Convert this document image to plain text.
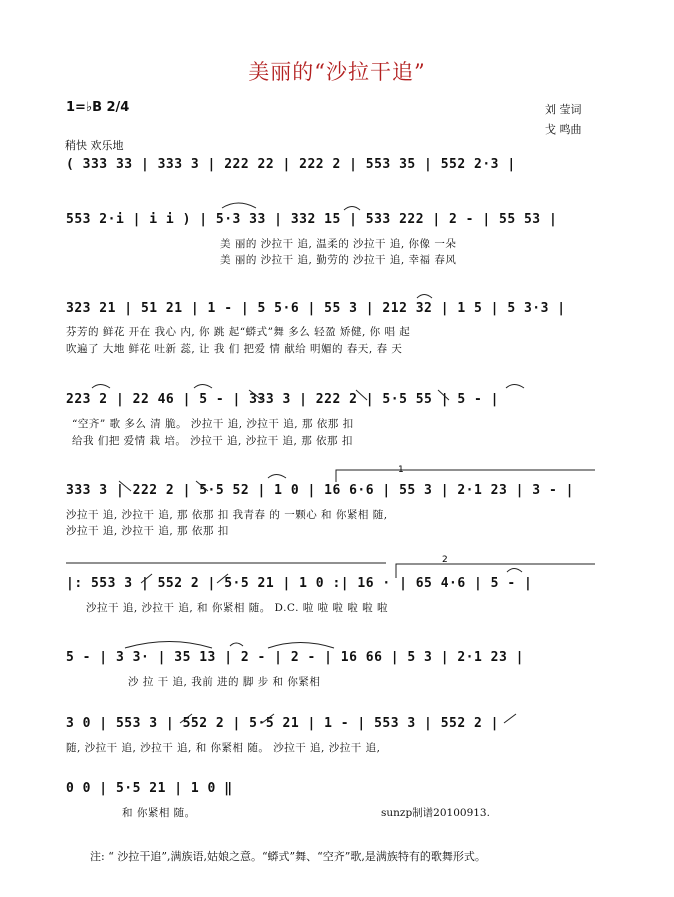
美丽的“沙拉干追”
1=♭B 2/4	刘 莹词
戈 鸣曲
稍快 欢乐地
( 333 33 | 333 3 | 222 22 | 222 2 | 553 35 | 552 2·3 |
553 2·i | i i ) | 5·3 33 | 332 15 | 533 222 | 2 - | 55 53 |
美 丽的 沙拉干 追, 温柔的 沙拉干 追, 你像 一朵
美 丽的 沙拉干 追, 勤劳的 沙拉干 追, 幸福 春风
323 21 | 51 21 | 1 - | 5 5·6 | 55 3 | 212 32 | 1 5 | 5 3·3 |
芬芳的 鲜花 开在 我心 内, 你 跳 起“蟒式”舞 多么 轻盈 矫健, 你 唱 起
吹遍了 大地 鲜花 吐新 蕊, 让 我 们 把爱 情 献给 明媚的 春天, 春 天
223 2 | 22 46 | 5 - | 333 3 | 222 2 | 5·5 55 | 5 - |
“空齐” 歌 多么 清 脆。 沙拉干 追, 沙拉干 追, 那 依那 扣
给我 们把 爱情 栽 培。 沙拉干 追, 沙拉干 追, 那 依那 扣
333 3 | 222 2 | 5·5 52 | 1 0 | 16 6·6 | 55 3 | 2·1 23 | 3 - |
沙拉干 追, 沙拉干 追, 那 依那 扣 我青春 的 一颗心 和 你紧相 随,
沙拉干 追, 沙拉干 追, 那 依那 扣
|: 553 3 | 552 2 | 5·5 21 | 1 0 :| 16 · | 65 4·6 | 5 - |
沙拉干 追, 沙拉干 追, 和 你紧相 随。 D.C. 啦 啦 啦 啦 啦 啦
5 - | 3 3· | 35 13 | 2 - | 2 - | 16 66 | 5 3 | 2·1 23 |
沙 拉 干 追, 我前 进的 脚 步 和 你紧相
3 0 | 553 3 | 552 2 | 5·5 21 | 1 - | 553 3 | 552 2 |
随, 沙拉干 追, 沙拉干 追, 和 你紧相 随。 沙拉干 追, 沙拉干 追,
0 0 | 5·5 21 | 1 0 ‖
和 你紧相 随。	sunzp制谱20100913.
注: “ 沙拉干追”,满族语,姑娘之意。“蟒式”舞、“空齐”歌,是满族特有的歌舞形式。
1
2
